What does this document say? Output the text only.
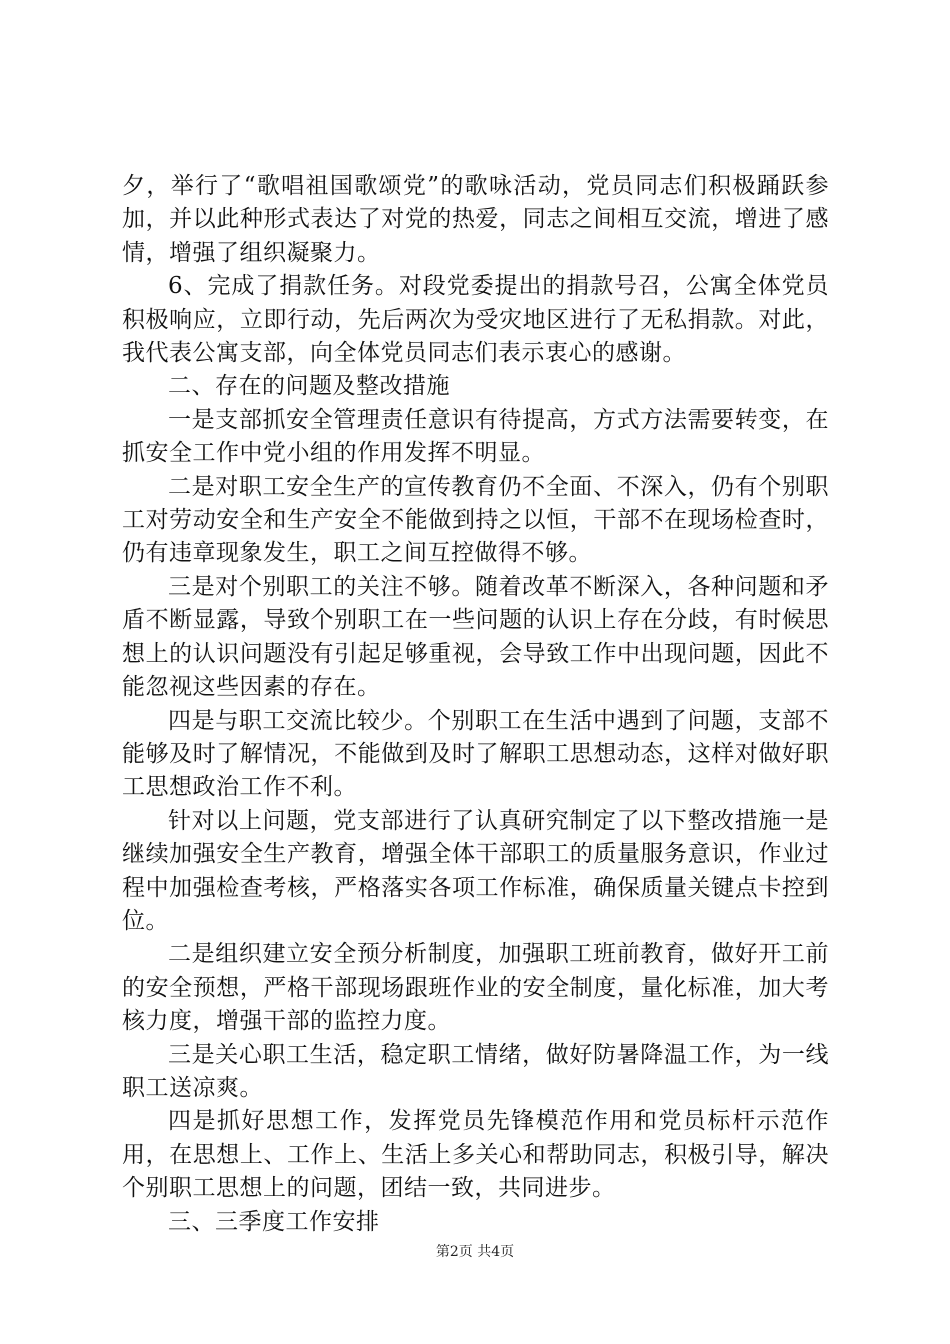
夕，举行了“歌唱祖国歌颂党”的歌咏活动，党员同志们积极踊跃参加，并以此种形式表达了对党的热爱，同志之间相互交流，增进了感情，增强了组织凝聚力。

6、完成了捐款任务。对段党委提出的捐款号召，公寓全体党员积极响应，立即行动，先后两次为受灾地区进行了无私捐款。对此，我代表公寓支部，向全体党员同志们表示衷心的感谢。

二、存在的问题及整改措施

一是支部抓安全管理责任意识有待提高，方式方法需要转变，在抓安全工作中党小组的作用发挥不明显。

二是对职工安全生产的宣传教育仍不全面、不深入，仍有个别职工对劳动安全和生产安全不能做到持之以恒，干部不在现场检查时，仍有违章现象发生，职工之间互控做得不够。

三是对个别职工的关注不够。随着改革不断深入，各种问题和矛盾不断显露，导致个别职工在一些问题的认识上存在分歧，有时候思想上的认识问题没有引起足够重视，会导致工作中出现问题，因此不能忽视这些因素的存在。

四是与职工交流比较少。个别职工在生活中遇到了问题，支部不能够及时了解情况，不能做到及时了解职工思想动态，这样对做好职工思想政治工作不利。

针对以上问题，党支部进行了认真研究制定了以下整改措施一是继续加强安全生产教育，增强全体干部职工的质量服务意识，作业过程中加强检查考核，严格落实各项工作标准，确保质量关键点卡控到位。

二是组织建立安全预分析制度，加强职工班前教育，做好开工前的安全预想，严格干部现场跟班作业的安全制度，量化标准，加大考核力度，增强干部的监控力度。

三是关心职工生活，稳定职工情绪，做好防暑降温工作，为一线职工送凉爽。

四是抓好思想工作，发挥党员先锋模范作用和党员标杆示范作用，在思想上、工作上、生活上多关心和帮助同志，积极引导，解决个别职工思想上的问题，团结一致，共同进步。

三、三季度工作安排

第2页 共4页
